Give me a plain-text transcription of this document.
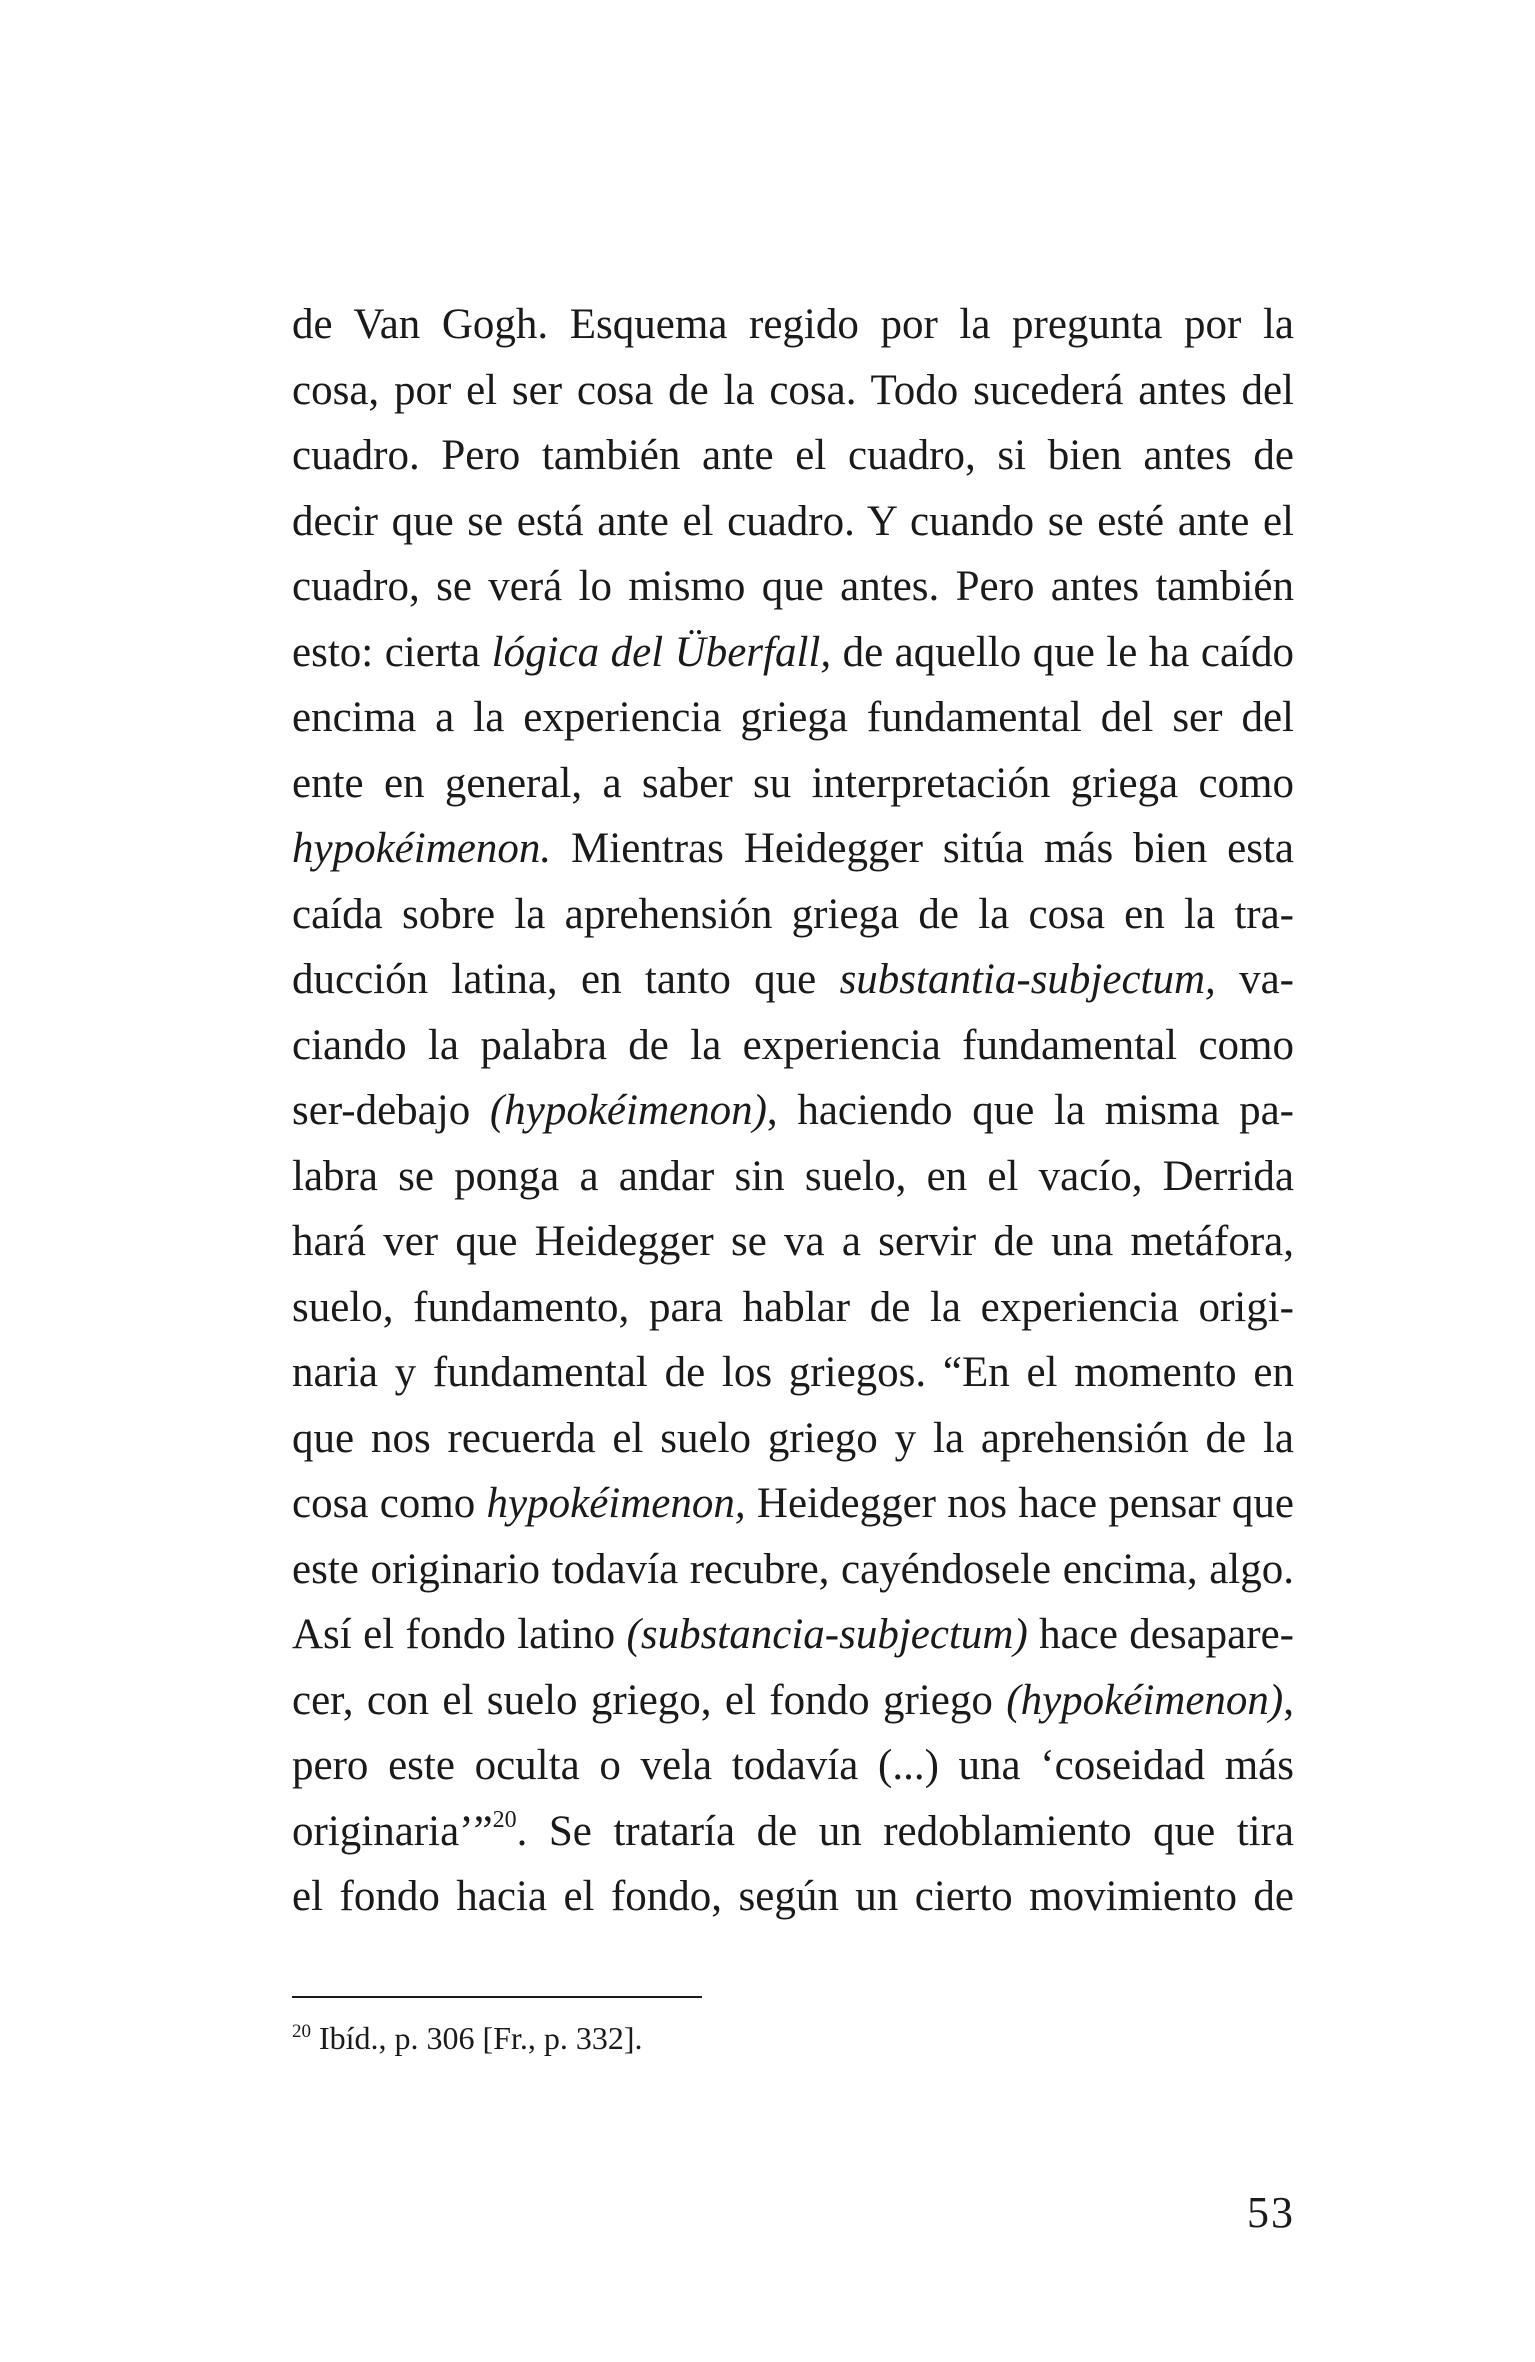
de Van Gogh. Esquema regido por la pregunta por la
cosa, por el ser cosa de la cosa. Todo sucederá antes del
cuadro. Pero también ante el cuadro, si bien antes de
decir que se está ante el cuadro. Y cuando se esté ante el
cuadro, se verá lo mismo que antes. Pero antes también
esto: cierta lógica del Überfall, de aquello que le ha caído
encima a la experiencia griega fundamental del ser del
ente en general, a saber su interpretación griega como
hypokéimenon. Mientras Heidegger sitúa más bien esta
caída sobre la aprehensión griega de la cosa en la tra-
ducción latina, en tanto que substantia-subjectum, va-
ciando la palabra de la experiencia fundamental como
ser-debajo (hypokéimenon), haciendo que la misma pa-
labra se ponga a andar sin suelo, en el vacío, Derrida
hará ver que Heidegger se va a servir de una metáfora,
suelo, fundamento, para hablar de la experiencia origi-
naria y fundamental de los griegos. “En el momento en
que nos recuerda el suelo griego y la aprehensión de la
cosa como hypokéimenon, Heidegger nos hace pensar que
este originario todavía recubre, cayéndosele encima, algo.
Así el fondo latino (substancia-subjectum) hace desapare-
cer, con el suelo griego, el fondo griego (hypokéimenon),
pero este oculta o vela todavía (...) una ‘coseidad más
originaria’”$^{20}$. Se trataría de un redoblamiento que tira
el fondo hacia el fondo, según un cierto movimiento de
$^{20}$ Ibíd., p. 306 [Fr., p. 332].
53
